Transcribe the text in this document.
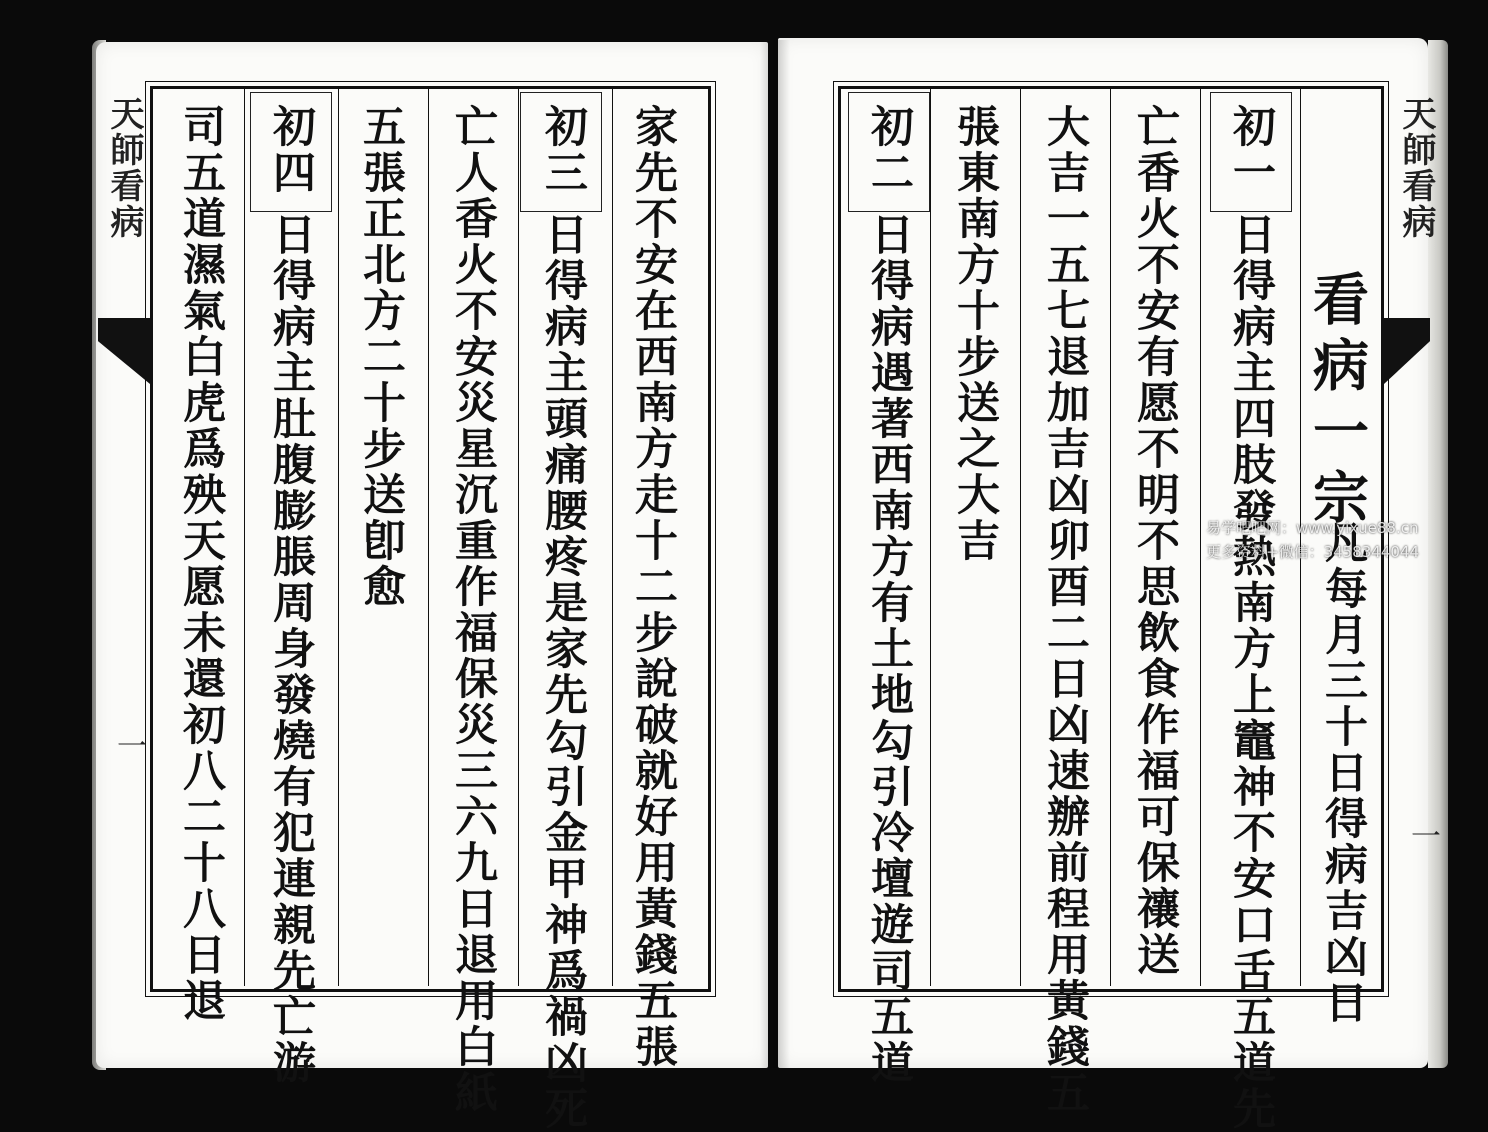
天師看病
一	家先不安在西南方走十二步說破就好用黃錢五張
初三
日得病主頭痛腰疼是家先勾引金甲神爲禍凶死
亡人香火不安災星沉重作福保災三六九日退用白紙
五張正北方二十步送卽愈
初四
日得病主肚腹膨脹周身發燒有犯連親先亡游
司五道濕氣白虎爲殃天愿未還初八二十八日退	天師看病
一
看病一宗
凡每月三十日得病吉凶日
初一
日得病主四肢發熱南方上竈神不安口舌五道先
亡香火不安有愿不明不思飲食作福可保禳送
大吉一五七退加吉凶卯酉二日凶速辦前程用黃錢五
張東南方十步送之大吉
初二
日得病遇著西南方有土地勾引冷壇遊司五道	易学吧吧网：www.yixue88.cn
更多资料+微信：3458344044
